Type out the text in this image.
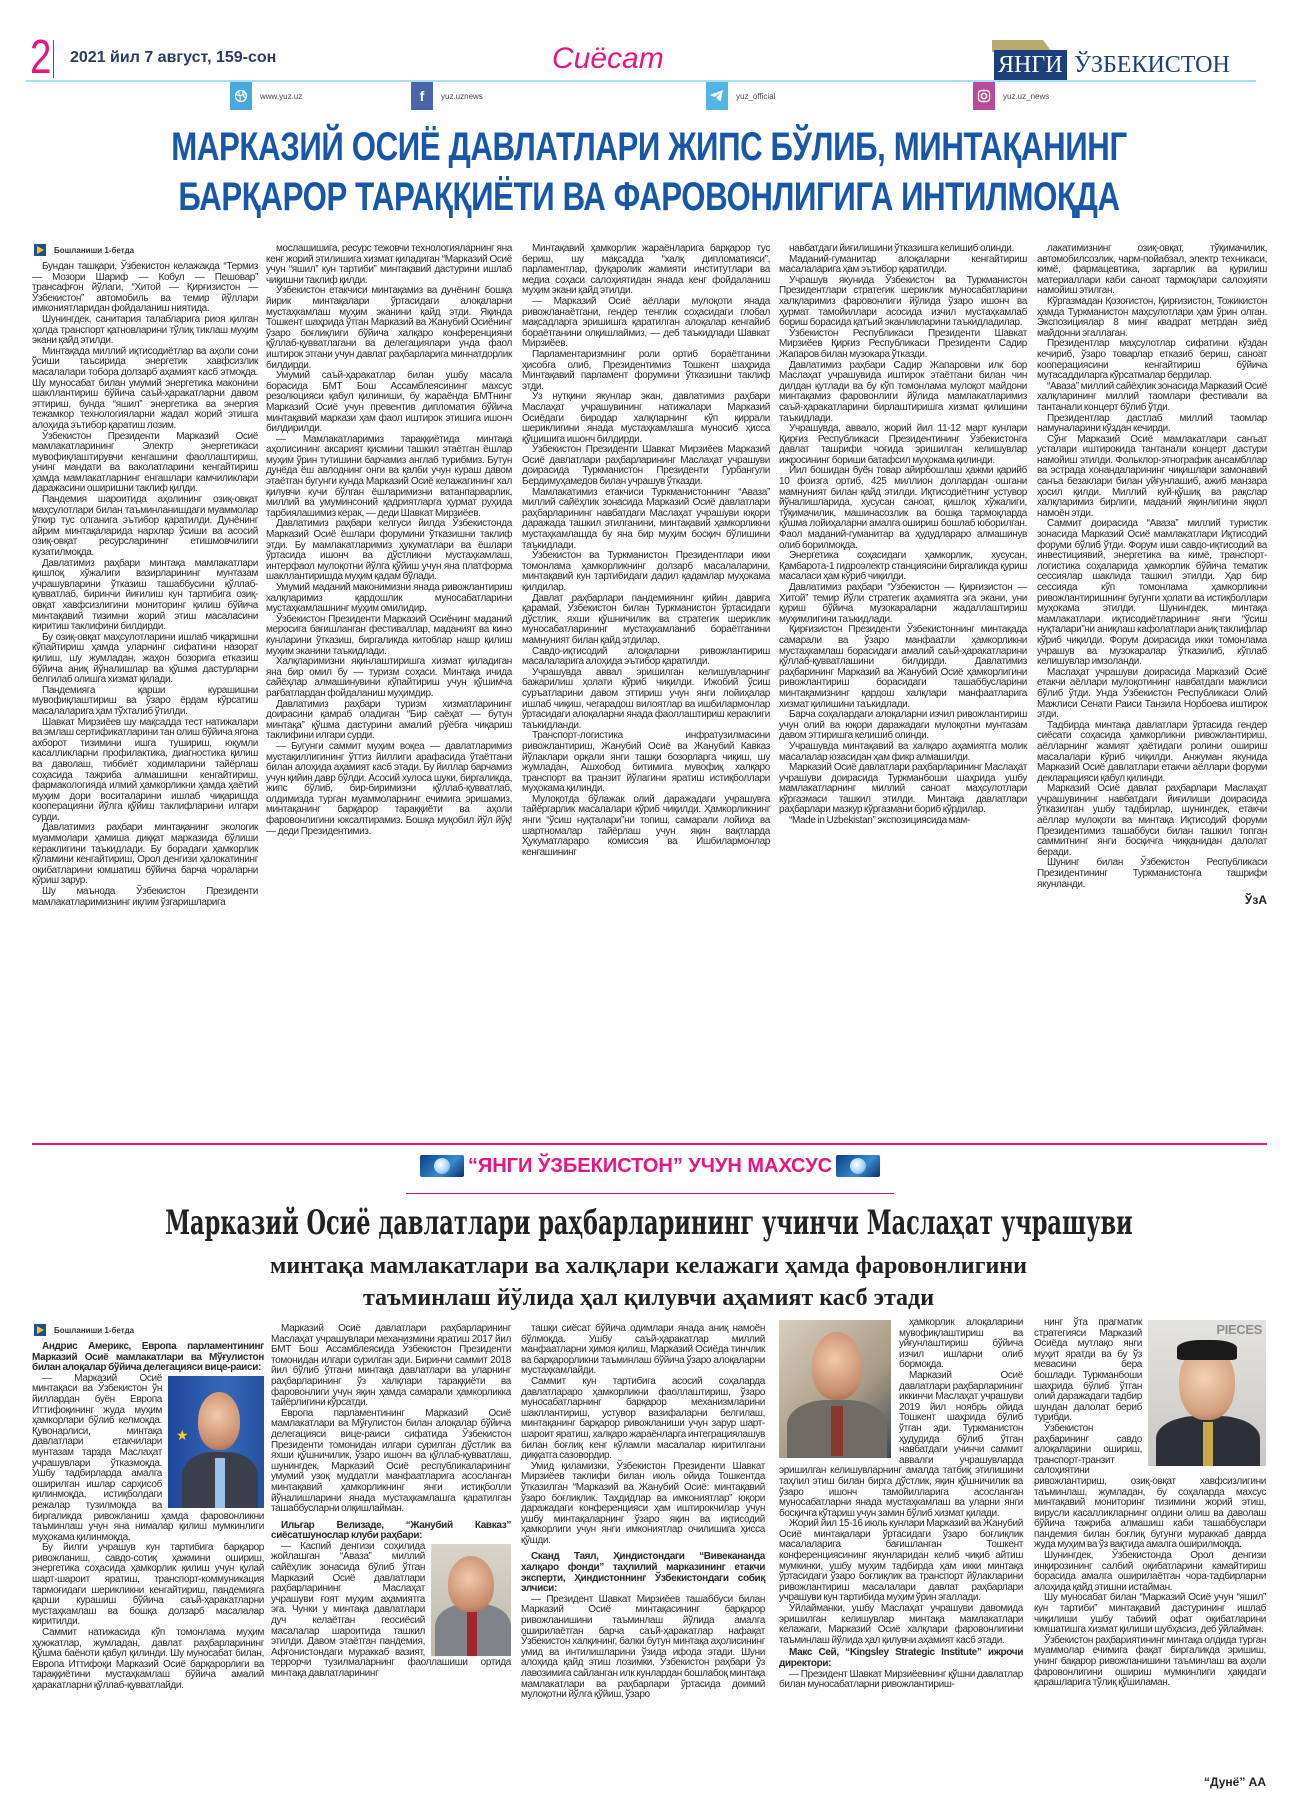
2 2021 йил 7 август, 159-сон	Сиёсат	ЯНГИ ЎЗБЕКИСТОН
www.yuz.uz	f	yuz.uznews	yuz_official	yuz.uz_news
МАРКАЗИЙ ОСИЁ ДАВЛАТЛАРИ ЖИПС БЎЛИБ, МИНТАҚАНИНГ БАРҚАРОР ТАРАҚҚИЁТИ ВА ФАРОВОНЛИГИГА ИНТИЛМОҚДА
Бошланиши 1-бетда

Бундан ташқари, Ўзбекистон келажакда “Термиз — Мозори Шариф — Кобул — Пешовар” трансафғон йўлаги, “Хитой — Қирғизистон — Ўзбекистон” автомобиль ва темир йўллари имкониятларидан фойдаланиш ниятида.

Шунингдек, санитария талабларига риоя қилган ҳолда транспорт қатновларини тўлиқ тиклаш муҳим экани қайд этилди.

Минтақада миллий иқтисодиётлар ва аҳоли сони ўсиши таъсирида энергетик хавфсизлик масалалари тобора долзарб аҳамият касб этмоқда. Шу муносабат билан умумий энергетика маконини шакллантириш бўйича саъй-ҳаракатларни давом эттириш, бунда “яшил” энергетика ва энергия тежамкор технологияларни жадал жорий этишга алоҳида эътибор қаратиш лозим.

Ўзбекистон Президенти Марказий Осиё мамлакатларининг Электр энергетикаси мувофиқлаштирувчи кенгашини фаоллаштириш, унинг мандати ва ваколатларини кенгайтириш ҳамда мамлакатларнинг енгашлари камчиликлари даражасини оширишни таклиф қилди.

Пандемия шароитида аҳолининг озиқ-овқат маҳсулотлари билан таъминланишдаги муаммолар ўткир тус олганига эътибор қаратилди. Дунёнинг айрим минтақаларида нархлар ўсиши ва асосий озиқ-овқат ресурсларининг етишмовчилиги кузатилмоқда.

Давлатимиз раҳбари минтақа мамлакатлари қишлоқ хўжалиги вазирларининг мунтазам учрашувларини ўтказиш ташаббусини қўллаб-қувватлаб, биринчи йиғилиш кун тартибига озиқ-овқат хавфсизлигини мониторинг қилиш бўйича минтақавий тизимни жорий этиш масаласини киритиш таклифини билдирди.

Бу озиқ-овқат маҳсулотларини ишлаб чиқаришни кўпайтириш ҳамда уларнинг сифатини назорат қилиш, шу жумладан, жаҳон бозорига етказиш бўйича аниқ йўналишлар ва қўшма дастурларни белгилаб олишга хизмат қилади.

Пандемияга қарши курашишни мувофиқлаштириш ва ўзаро ёрдам кўрсатиш масалаларига ҳам тўхталиб ўтилди.

Шавкат Мирзиёев шу мақсадда тест натижалари ва эмлаш сертификатларини тан олиш бўйича ягона ахборот тизимини ишга тушириш, юқумли касалликларни профилактика, диагностика қилиш ва даволаш, тиббиёт ходимларини тайёрлаш соҳасида тажриба алмашишни кенгайтириш, фармакологияда илмий ҳамкорликни ҳамда ҳаётий муҳим дори воситаларини ишлаб чиқаришда кооперацияни йўлга қўйиш таклифларини илгари сурди.

Давлатимиз раҳбари минтақанинг экологик муаммолари ҳамиша диққат марказида бўлиши кераклигини таъкидлади. Бу борадаги ҳамкорлик кўламини кенгайтириш, Орол денгизи ҳалокатининг оқибатларини юмшатиш бўйича барча чораларни кўриш зарур.

Шу маънода Ўзбекистон Президенти мамлакатларимизнинг иқлим ўзгаришларига

мослашишига, ресурс тежовчи технологияларнинг яна кенг жорий этилишига хизмат қиладиган “Марказий Осиё учун “яшил” кун тартиби” минтақавий дастурини ишлаб чиқишни таклиф қилди.

Ўзбекистон етакчиси минтақамиз ва дунёнинг бошқа йирик минтақалари ўртасидаги алоқаларни мустаҳкамлаш муҳим эканини қайд этди. Яқинда Тошкент шаҳрида ўтган Марказий ва Жанубий Осиёнинг ўзаро боғлиқлиги бўйича халқаро конференцияни қўллаб-қувватлагани ва делегациялари унда фаол иштирок этгани учун давлат раҳбарларига миннатдорлик билдирди.

Умумий саъй-ҳаракатлар билан ушбу масала борасида БМТ Бош Ассамблеясининг махсус резолюцияси қабул қилиниши, бу жараёнда БМТнинг Марказий Осиё учун превентив дипломатия бўйича минтақавий маркази ҳам фаол иштирок этишига ишонч билдирилди.

— Мамлакатларимиз тараққиётида минтақа аҳолисининг аксарият қисмини ташкил этаётган ёшлар муҳим ўрин тутишини барчамиз англаб турибмиз. Бутун дунёда ёш авлоднинг онги ва қалби учун кураш давом этаётган бугунги кунда Марказий Осиё келажагининг хал қилувчи кучи бўлган ёшларимизни ватанпарварлик, миллий ва умуминсоний қадриятларга ҳурмат руҳида тарбиялашимиз керак, — деди Шавкат Мирзиёев.

Давлатимиз раҳбари келгуси йилда Ўзбекистонда Марказий Осиё ёшлари форумини ўтказишни таклиф этди. Бу мамлакатларимиз ҳукуматлари ва ёшлари ўртасида ишонч ва дўстликни мустаҳкамлаш, интерфаол мулоқотни йўлга қўйиш учун яна платформа шакллантиришда муҳим қадам бўлади.

Умумий маданий маконимизни янада ривожлантириш халқларимиз қардошлик муносабатларини мустаҳкамлашнинг муҳим омилидир.

Ўзбекистон Президенти Марказий Осиёнинг маданий меросига бағишланган фестиваллар, маданият ва кино кунларини ўтказиш, биргаликда китоблар нашр қилиш муҳим эканини таъкидлади.

Халқларимизни яқинлаштиришга хизмат қиладиган яна бир омил бу — туризм соҳаси. Минтақа ичида сайёҳлар алмашинувини кўпайтириш учун қўшимча рағбатлардан фойдаланиш муҳимдир.

Давлатимиз раҳбари туризм хизматларининг доирасини қамраб оладиган “Бир саёҳат — бутун минтақа” қўшма дастурини амалий рўёбга чиқариш таклифини илгари сурди.

— Бугунги саммит муҳим воқеа — давлатларимиз мустақиллигининг ўттиз йиллиги арафасида ўтаётгани билан алоҳида аҳамият касб этади. Бу йиллар барчамиз учун қийин давр бўлди. Асосий хулоса шуки, биргаликда, жипс бўлиб, бир-биримизни қўллаб-қувватлаб, олдимизда турган муаммоларнинг ечимига эришамиз, минтақанинг барқарор тараққиёти ва аҳоли фаровонлигини юксалтирамиз. Бошқа муқобил йўл йўқ! — деди Президентимиз.

Минтақавий ҳамкорлик жараёнларига барқарор тус бериш, шу мақсадда “халқ дипломатияси”, парламентлар, фуқаролик жамияти институтлари ва медиа соҳаси салоҳиятидан янада кенг фойдаланиш муҳим экани қайд этилди.

— Марказий Осиё аёллари мулоқоти янада ривожланаётгани, гендер тенглик соҳасидаги глобал мақсадларга эришишга қаратилган алоқалар кенгайиб бораётганини олқишлаймиз, — деб таъкидлади Шавкат Мирзиёев.

Парламентаризмнинг роли ортиб бораётганини ҳисобга олиб, Президентимиз Тошкент шаҳрида Минтақавий парламент форумини ўтказишни таклиф этди.

Ўз нутқини якунлар экан, давлатимиз раҳбари Маслаҳат учрашувининг натижалари Марказий Осиёдаги биродар халқларнинг кўп қиррали шериклигини янада мустаҳкамлашга муносиб ҳисса қўшишига ишонч билдирди.

Ўзбекистон Президенти Шавкат Мирзиёев Марказий Осиё давлатлари раҳбарларининг Маслаҳат учрашуви доирасида Туркманистон Президенти Гурбангули Бердимуҳамедов билан учрашув ўтказди.

Мамлакатимиз етакчиси Туркманистоннинг “Аваза” миллий сайёҳлик зонасида Марказий Осиё давлатлари раҳбарларининг навбатдаги Маслаҳат учрашуви юқори даражада ташкил этилганини, минтақавий ҳамкорликни мустаҳкамлашда бу яна бир муҳим босқич бўлишини таъкидлади.

Ўзбекистон ва Туркманистон Президентлари икки томонлама ҳамкорликнинг долзарб масалаларини, минтақавий кун тартибидаги дадил қадамлар муҳокама қилдилар.

Давлат раҳбарлари пандемиянинг қийин даврига қарамай, Ўзбекистон билан Туркманистон ўртасидаги дўстлик, яхши қўшничилик ва стратегик шериклик муносабатларининг мустаҳкамланиб бораётганини мамнуният билан қайд этдилар.

Савдо-иқтисодий алоқаларни ривожлантириш масалаларига алоҳида эътибор қаратилди.

Учрашувда аввал эришилган келишувларнинг бажарилиш ҳолати кўриб чиқилди. Ижобий ўсиш суръатларини давом эттириш учун янги лойиҳалар ишлаб чиқиш, чегарадош вилоятлар ва ишбилармонлар ўртасидаги алоқаларни янада фаоллаштириш кераклиги таъкидланди.

Транспорт-логистика инфратузилмасини ривожлантириш, Жанубий Осиё ва Жанубий Кавказ йўлаклари орқали янги ташқи бозорларга чиқиш, шу жумладан, Ашхобод битимига мувофиқ халқаро транспорт ва транзит йўлагини яратиш истиқболлари муҳокама қилинди.

Мулоқотда бўлажак олий даражадаги учрашувга тайёргарлик масалалари кўриб чиқилди. Ҳамкорликнинг янги “ўсиш нуқталари”ни топиш, самарали лойиҳа ва шартномалар тайёрлаш учун яқин вақтларда Ҳукуматлараро комиссия ва Ишбилармонлар кенгашининг

навбатдаги йиғилишини ўтказишга келишиб олинди.

Маданий-гуманитар алоқаларни кенгайтириш масалаларига ҳам эътибор қаратилди.

Учрашув якунида Ўзбекистон ва Туркманистон Президентлари стратегик шериклик муносабатларини халқларимиз фаровонлиги йўлида ўзаро ишонч ва ҳурмат тамойиллари асосида изчил мустаҳкамлаб бориш борасида қатъий эканликларини таъкидладилар.

Ўзбекистон Республикаси Президенти Шавкат Мирзиёев Қирғиз Республикаси Президенти Садир Жапаров билан музокара ўтказди.

Давлатимиз раҳбари Садир Жапаровни илк бор Маслаҳат учрашувида иштирок этаётгани билан чин дилдан қутлади ва бу кўп томонлама мулоқот майдони минтақамиз фаровонлиги йўлида мамлакатларимиз саъй-ҳаракатларини бирлаштиришга хизмат қилишини таъкидлади.

Учрашувда, аввало, жорий йил 11-12 март кунлари Қирғиз Республикаси Президентининг Ўзбекистонга давлат ташрифи чоғида эришилган келишувлар ижросининг бориши батафсил муҳокама қилинди.

Йил бошидан буён товар айирбошлаш ҳажми қарийб 10 фоизга ортиб, 425 миллион доллардан ошгани мамнуният билан қайд этилди. Иқтисодиётнинг устувор йўналишларида, хусусан саноат, қишлоқ хўжалиги, тўқимачилик, машинасозлик ва бошқа тармоқларда қўшма лойиҳаларни амалга ошириш бошлаб юборилган. Фаол маданий-гуманитар ва ҳудудлараро алмашинув олиб борилмоқда.

Энергетика соҳасидаги ҳамкорлик, хусусан, Қамбарота-1 гидроэлектр станциясини биргаликда қуриш масаласи ҳам кўриб чиқилди.

Давлатимиз раҳбари “Ўзбекистон — Қирғизистон — Хитой” темир йўли стратегик аҳамиятга эга экани, уни қуриш бўйича музокараларни жадаллаштириш муҳимлигини таъкидлади.

Қирғизистон Президенти Ўзбекистоннинг минтақада самарали ва ўзаро манфаатли ҳамкорликни мустаҳкамлаш борасидаги амалий саъй-ҳаракатларини қўллаб-қувватлашини билдирди. Давлатимиз раҳбарининг Марказий ва Жанубий Осиё ҳамкорлигини ривожлантириш борасидаги ташаббусларини минтақамизнинг қардош халқлари манфаатларига хизмат қилишини таъкидлади.

Барча соҳалардаги алоқаларни изчил ривожлантириш учун олий ва юқори даражадаги мулоқотни мунтазам давом эттиришга келишиб олинди.

Учрашувда минтақавий ва халқаро аҳамиятга молик масалалар юзасидан ҳам фикр алмашилди.

Марказий Осиё давлатлари раҳбарларининг Маслаҳат учрашуви доирасида Туркманбоши шаҳрида ушбу мамлакатларнинг миллий саноат маҳсулотлари кўргазмаси ташкил этилди. Минтақа давлатлари раҳбарлари мазкур кўргазмани бориб кўрдилар.

“Made in Uzbekistan” экспозициясида мам-

лакатимизнинг озиқ-овқат, тўқимачилик, автомобилсозлик, чарм-пойабзал, электр техникаси, кимё, фармацевтика, заргарлик ва қурилиш материаллари каби саноат тармоқлари салоҳияти намойиш этилган.

Кўргазмадан Қозоғистон, Қирғизистон, Тожикистон ҳамда Туркманистон маҳсулотлари ҳам ўрин олган. Экспозициялар 8 минг квадрат метрдан зиёд майдонни эгаллаган.

Президентлар маҳсулотлар сифатини кўздан кечириб, ўзаро товарлар етказиб бериш, саноат кооперациясини кенгайтириш бўйича мутасаддиларга кўрсатмалар бердилар.

“Аваза” миллий сайёҳлик зонасида Марказий Осиё халқларининг миллий таомлари фестивали ва тантанали концерт бўлиб ўтди.

Президентлар дастлаб миллий таомлар намуналарини кўздан кечирди.

Сўнг Марказий Осиё мамлакатлари санъат усталари иштирокида тантанали концерт дастури намойиш этилди. Фольклор-этнографик ансамбллар ва эстрада хонандаларининг чиқишлари замонавий санъа безаклари билан уйғунлашиб, ажиб манзара ҳосил қилди. Миллий куй-қўшиқ ва рақслар халқларимиз бирлиги, маданий яқинлигини яққол намоён этди.

Саммит доирасида “Аваза” миллий туристик зонасида Марказий Осиё мамлакатлари Иқтисодий форуми бўлиб ўтди. Форум иши савдо-иқтисодий ва инвестициявий, энергетика ва кимё, транспорт-логистика соҳаларида ҳамкорлик бўйича тематик сессиялар шаклида ташкил этилди. Ҳар бир сессияда кўп томонлама ҳамкорликни ривожлантиришнинг бугунги ҳолати ва истиқболлари муҳокама этилди. Шунингдек, минтақа мамлакатлари иқтисодиётларининг янги “ўсиш нуқталари”ни аниқлаш кафолатлари аниқ таклифлар кўриб чиқилди. Форум доирасида икки томонлама учрашув ва музокаралар ўтказилиб, кўплаб келишувлар имзоланди.

Маслаҳат учрашуви доирасида Марказий Осиё етакчи аёллари мулоқотининг навбатдаги мажлиси бўлиб ўтди. Унда Ўзбекистон Республикаси Олий Мажлиси Сенати Раиси Танзила Норбоева иштирок этди.

Тадбирда минтақа давлатлари ўртасида гендер сиёсати соҳасида ҳамкорликни ривожлантириш, аёлларнинг жамият ҳаётидаги ролини ошириш масалалари кўриб чиқилди. Анжуман якунида Марказий Осиё давлатлари етакчи аёллари форуми декларацияси қабул қилинди.

Марказий Осиё давлат раҳбарлари Маслаҳат учрашувининг навбатдаги йиғилиши доирасида ўтказилган ушбу тадбирлар, шунингдек, етакчи аёллар мулоқоти ва минтақа Иқтисодий форуми Президентимиз ташаббуси билан ташкил топган саммитнинг янги босқичга чиққанидан далолат беради.

Шунинг билан Ўзбекистон Республикаси Президентининг Туркманистонга ташрифи якунланди.

ЎзА
“ЯНГИ ЎЗБЕКИСТОН” УЧУН МАХСУС
Марказий Осиё давлатлари раҳбарларининг учинчи Маслаҳат учрашуви
минтақа мамлакатлари ва халқлари келажаги ҳамда фаровонлигини
таъминлаш йўлида ҳал қилувчи аҳамият касб этади
Бошланиши 1-бетда

Андрис Америкс, Европа парламентининг Марказий Осиё мамлакатлари ва Мўғулистон билан алоқалар бўйича делегацияси вице-раиси:

★

— Марказий Осиё минтақаси ва Ўзбекистон ўн йиллардан буён Европа Иттифоқининг жуда муҳим ҳамкорлари бўлиб келмоқда. Қувонарлиси, минтақа давлатлари етакчилари мунтазам тарзда Маслаҳат учрашувлари ўтказмоқда. Ушбу тадбирларда амалга оширилган ишлар сарҳисоб қилинмоқда, истиқболдаги режалар тузилмоқда ва биргаликда ривожланиш ҳамда фаровонликни таъминлаш учун яна нималар қилиш мумкинлиги муҳокама қилинмоқда.

Бу йилги учрашув кун тартибига барқарор ривожланиш, савдо-сотиқ ҳажмини ошириш, энергетика соҳасида ҳамкорлик қилиш учун қулай шарт-шароит яратиш, транспорт-коммуникация тармоғидаги шерикликни кенгайтириш, пандемияга қарши курашиш бўйича саъй-ҳаракатларни мустаҳкамлаш ва бошқа долзарб масалалар киритилди.

Саммит натижасида кўп томонлама муҳим ҳужжатлар, жумладан, давлат раҳбарларининг Қўшма баёноти қабул қилинди. Шу муносабат билан, Европа Иттифоқи Марказий Осиё барқарорлиги ва тараққиётини мустаҳкамлаш бўйича амалий ҳаракатларни қўллаб-қувватлайди.

Марказий Осиё давлатлари раҳбарларининг Маслаҳат учрашувлари механизмини яратиш 2017 йил БМТ Бош Ассамблеясида Ўзбекистон Президенти томонидан илгари сурилган эди. Биринчи саммит 2018 йил бўлиб ўтгани минтақа давлатлари ва уларнинг раҳбарларининг ўз халқлари тараққиёти ва фаровонлиги учун яқин ҳамда самарали ҳамкорликка тайёрлигини кўрсатди.

Европа парламентининг Марказий Осиё мамлакатлари ва Мўғулистон билан алоқалар бўйича делегацияси вице-раиси сифатида Ўзбекистон Президенти томонидан илгари сурилган дўстлик ва яхши қўшничилик, ўзаро ишонч ва қўллаб-қувватлаш, шунингдек, Марказий Осиё республикаларининг умумий узоқ муддатли манфаатларига асосланган минтақавий ҳамкорликнинг янги истиқболли йўналишларини янада мустаҳкамлашга қаратилган ташаббусларни олқишлайман.

Ильгар Велизаде, “Жанубий Кавказ” сиёсатшунослар клуби раҳбари:

— Каспий денгизи соҳилида жойлашган “Аваза” миллий сайёҳлик зонасида бўлиб ўтган Марказий Осиё давлатлари раҳбарларининг Маслаҳат учрашуви ғоят муҳим аҳамиятга эга. Чунки у минтақа давлатлари дуч келаётган геосиёсий масалалар шароитида ташкил этилди. Давом этаётган пандемия, Афғонистондаги мураккаб вазият, террорчи тузилмаларнинг фаоллашиши ортида минтақа давлатларининг

ташқи сиёсат бўйича одимлари янада аниқ намоён бўлмоқда. Ушбу саъй-ҳаракатлар миллий манфаатларни ҳимоя қилиш, Марказий Осиёда тинчлик ва барқарорликни таъминлаш бўйича ўзаро алоқаларни мустаҳкамлайди.

Саммит кун тартибига асосий соҳаларда давлатлараро ҳамкорликни фаоллаштириш, ўзаро муносабатларнинг барқарор механизмларини шакллантириш, устувор вазифаларни белгилаш, минтақанинг барқарор ривожланиши учун зарур шарт-шароит яратиш, халқаро жараёнларга интеграциялашув билан боғлиқ кенг кўламли масалалар киритилгани диққатга сазовордир.

Умид қиламизки, Ўзбекистон Президенти Шавкат Мирзиёев таклифи билан июль ойида Тошкентда ўтказилган “Марказий ва Жанубий Осиё: минтақавий ўзаро боғлиқлик. Таҳдидлар ва имкониятлар” юқори даражадаги конференцияси ҳам иштирокчилар учун ушбу минтақаларнинг ўзаро яқин ва иқтисодий ҳамкорлиги учун янги имкониятлар очилишига ҳисса қўшди.

Сканд Таял, Ҳиндистондаги “Вивекананда халқаро фонди” таҳлилий марказининг етакчи эксперти, Ҳиндистоннинг Ўзбекистондаги собиқ элчиси:

— Президент Шавкат Мирзиёев ташаббуси билан Марказий Осиё минтақасининг барқарор ривожланишини таъминлаш йўлида амалга оширилаётган барча саъй-ҳаракатлар нафақат Ўзбекистон халқининг, балки бутун минтақа аҳолисининг умид ва интилишларини ўзида ифода этади. Шуни алоҳида қайд этиш лозимки, Ўзбекистон раҳбари ўз лавозимига сайланган илк кунлардан бошлабоқ минтақа мамлакатлари ва раҳбарлари ўртасида доимий мулоқотни йўлга қўйиш, ўзаро

ҳамкорлик алоқаларини мувофиқлаштириш ва уйғунлаштириш бўйича изчил ишларни олиб бормоқда.

Марказий Осиё давлатлари раҳбарларининг иккинчи Маслаҳат учрашуви 2019 йил ноябрь ойида Тошкент шаҳрида бўлиб ўтган эди. Туркманистон ҳудудида бўлиб ўтган навбатдаги учинчи саммит аввалги учрашувларда эришилган келишувларнинг амалда татбиқ этилишини таҳлил этиш билан бирга дўстлик, яқин қўшничилик ва ўзаро ишонч тамойилларига асосланган муносабатларни янада мустаҳкамлаш ва уларни янги босқичга кўтариш учун замин бўлиб хизмат қилади.

Жорий йил 15-16 июль кунлари Марказий ва Жанубий Осиё минтақалари ўртасидаги ўзаро боғлиқлик масалаларига бағишланган Тошкент конференциясининг якунларидан келиб чиқиб айтиш мумкинки, ушбу муҳим тадбирда ҳам икки минтақа ўртасидаги ўзаро боғлиқлик ва транспорт йўлакларини ривожлантириш масалалари давлат раҳбарлари учрашуви кун тартибида муҳим ўрин эгаллади.

Ўйлайманки, ушбу Маслаҳат учрашуви давомида эришилган келишувлар минтақа мамлакатлари келажаги, Марказий Осиё халқлари фаровонлигини таъминлаш йўлида ҳал қилувчи аҳамият касб этади.

Макс Сей, “Kingsley Strategic Institute” ижрочи директори:

— Президент Шавкат Мирзиёевнинг қўшни давлатлар билан муносабатларни ривожлантириш-

PIECES

нинг ўта прагматик стратегияси Марказий Осиёда мутлақо янги муҳит яратди ва бу ўз мевасини бера бошлади. Туркманбоши шаҳрида бўлиб ўтган олий даражадаги тадбир шундан далолат бериб турибди.

Ўзбекистон раҳбарининг савдо алоқаларини ошириш, транспорт-транзит салоҳиятини ривожлантириш, озиқ-овқат хавфсизлигини таъминлаш, жумладан, бу соҳаларда махсус минтақавий мониторинг тизимини жорий этиш, вирусли касалликларнинг олдини олиш ва даволаш бўйича тажриба алмашиш каби ташаббуслари пандемия билан боғлиқ бугунги мураккаб даврда жуда муҳим ва ўз вақтида амалга оширилмоқда.

Шунингдек, Ўзбекистонда Орол денгизи инқирозининг салбий оқибатларини камайтириш борасида амалга оширилаётган чора-тадбирларни алоҳида қайд этишни истайман.

Шу муносабат билан “Марказий Осиё учун “яшил” кун тартиби” минтақавий дастурининг ишлаб чиқилиши ушбу табиий офат оқибатларини юмшатишга хизмат қилиши шубҳасиз, деб ўйлайман.

Ўзбекистон раҳбариятининг минтақа олдида турган муаммолар ечимига фақат биргаликда эришиш, унинг бақарор ривожланишини таъминлаш ва аҳоли фаровонлигини ошириш мумкинлиги ҳақидаги қарашларига тўлиқ қўшиламан.

“Дунё” АА
